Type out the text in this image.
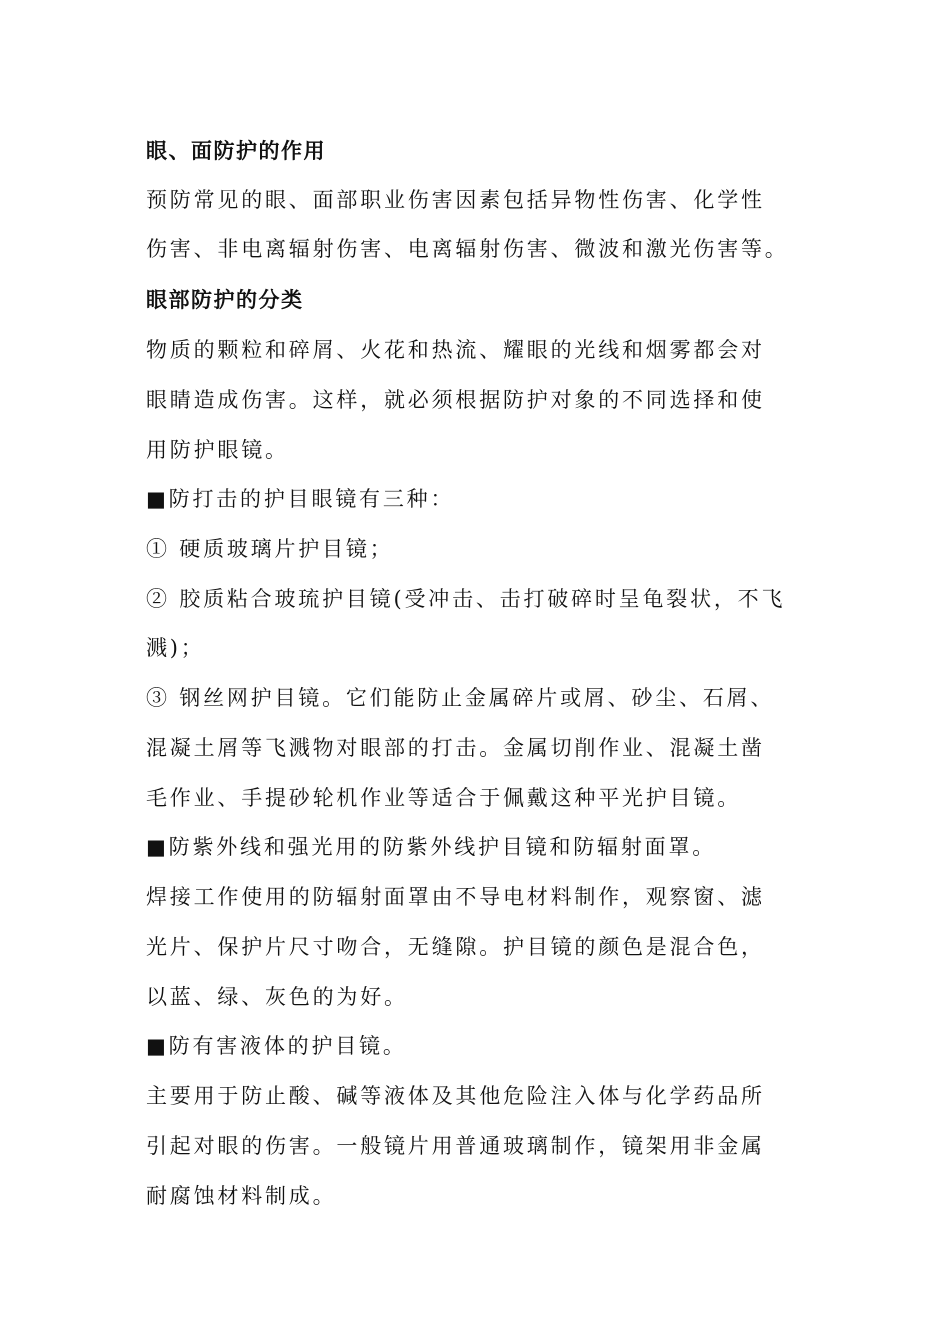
眼、面防护的作用
预防常见的眼、面部职业伤害因素包括异物性伤害、化学性
伤害、非电离辐射伤害、电离辐射伤害、微波和激光伤害等。
眼部防护的分类
物质的颗粒和碎屑、火花和热流、耀眼的光线和烟雾都会对
眼睛造成伤害。这样，就必须根据防护对象的不同选择和使
用防护眼镜。
■防打击的护目眼镜有三种：
① 硬质玻璃片护目镜；
② 胶质粘合玻琉护目镜(受冲击、击打破碎时呈龟裂状，不飞
溅)；
③ 钢丝网护目镜。它们能防止金属碎片或屑、砂尘、石屑、
混凝土屑等飞溅物对眼部的打击。金属切削作业、混凝土凿
毛作业、手提砂轮机作业等适合于佩戴这种平光护目镜。
■防紫外线和强光用的防紫外线护目镜和防辐射面罩。
焊接工作使用的防辐射面罩由不导电材料制作，观察窗、滤
光片、保护片尺寸吻合，无缝隙。护目镜的颜色是混合色，
以蓝、绿、灰色的为好。
■防有害液体的护目镜。
主要用于防止酸、碱等液体及其他危险注入体与化学药品所
引起对眼的伤害。一般镜片用普通玻璃制作，镜架用非金属
耐腐蚀材料制成。
